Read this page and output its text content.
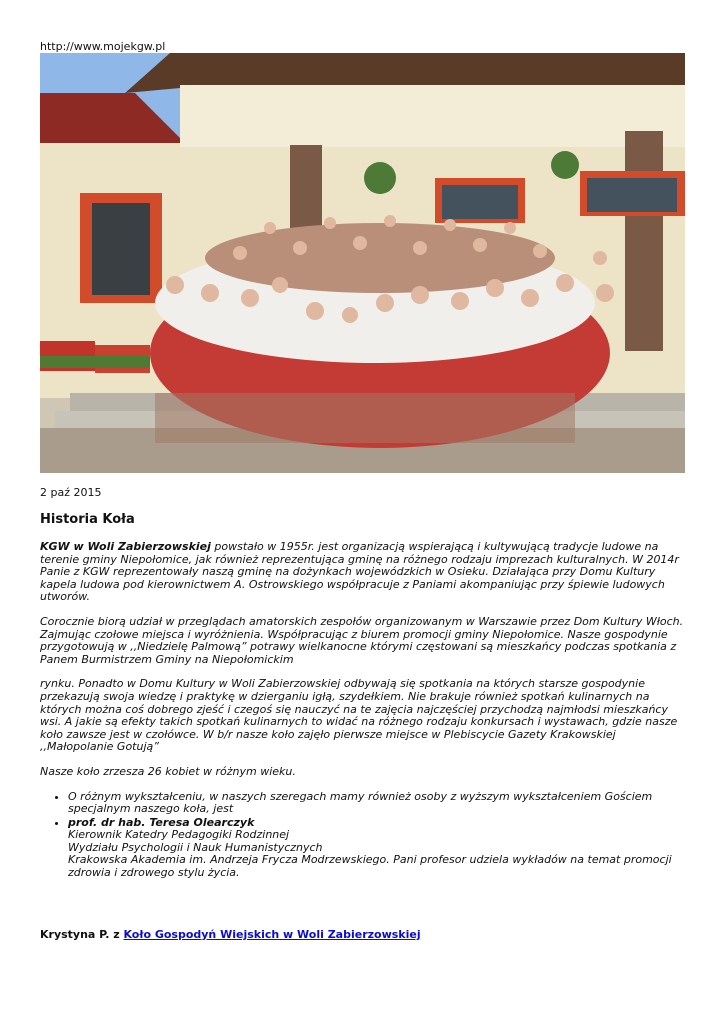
http://www.mojekgw.pl
2 paź 2015
Historia Koła

KGW w Woli Zabierzowskiej powstało w 1955r. jest organizacją wspierającą i kultywującą tradycje ludowe na terenie gminy Niepołomice, jak również reprezentująca gminę na różnego rodzaju imprezach kulturalnych. W 2014r Panie z KGW reprezentowały naszą gminę na dożynkach wojewódzkich w Osieku. Działająca przy Domu Kultury kapela ludowa pod kierownictwem A. Ostrowskiego współpracuje z Paniami akompaniując przy śpiewie ludowych utworów.

Corocznie biorą udział w przeglądach amatorskich zespołów organizowanym w Warszawie przez Dom Kultury Włoch. Zajmując czołowe miejsca i wyróżnienia. Współpracując z biurem promocji gminy Niepołomice. Nasze gospodynie przygotowują w ,,Niedzielę Palmową” potrawy wielkanocne którymi częstowani są mieszkańcy podczas spotkania z Panem Burmistrzem Gminy na Niepołomickim

rynku. Ponadto w Domu Kultury w Woli Zabierzowskiej odbywają się spotkania na których starsze gospodynie przekazują swoja wiedzę i praktykę w dzierganiu igłą, szydełkiem. Nie brakuje również spotkań kulinarnych na których można coś dobrego zjeść i czegoś się nauczyć na te zajęcia najczęściej przychodzą najmłodsi mieszkańcy wsi. A jakie są efekty takich spotkań kulinarnych to widać na różnego rodzaju konkursach i wystawach, gdzie nasze koło zawsze jest w czołówce. W b/r nasze koło zajęło pierwsze miejsce w Plebiscycie Gazety Krakowskiej ,,Małopolanie Gotują”

Nasze koło zrzesza 26 kobiet w różnym wieku.

• O różnym wykształceniu, w naszych szeregach mamy również osoby z wyższym wykształceniem Gościem specjalnym naszego koła, jest
• prof. dr hab. Teresa Olearczyk
Kierownik Katedry Pedagogiki Rodzinnej
Wydziału Psychologii i Nauk Humanistycznych
Krakowska Akademia im. Andrzeja Frycza Modrzewskiego. Pani profesor udziela wykładów na temat promocji zdrowia i zdrowego stylu życia.
Krystyna P. z Koło Gospodyń Wiejskich w Woli Zabierzowskiej
